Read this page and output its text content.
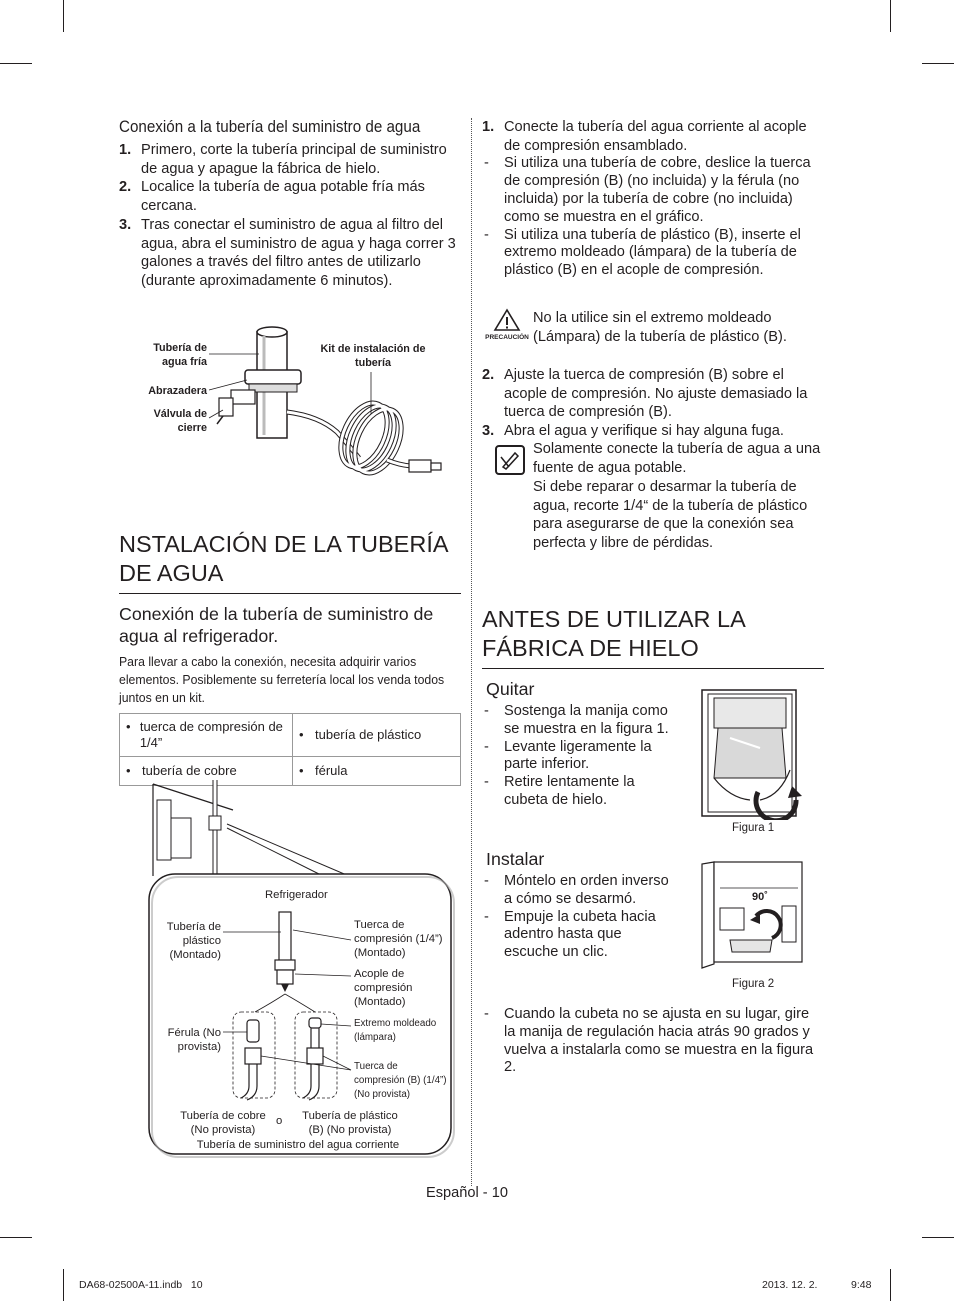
Conexión a la tubería del suministro de agua
1. Primero, corte la tubería principal de suministro de agua y apague la fábrica de hielo.
2. Localice la tubería de agua potable fría más cercana.
3. Tras conectar el suministro de agua al filtro del agua, abra el suministro de agua y haga correr 3 galones a través del filtro antes de utilizarlo (durante aproximadamente 6 minutos).
Tubería de agua fría
Abrazadera
Válvula de cierre
Kit de instalación de tubería
NSTALACIÓN DE LA TUBERÍA DE AGUA
Conexión de la tubería de suministro de agua al refrigerador.
Para llevar a cabo la conexión, necesita adquirir varios elementos. Posiblemente su ferretería local los venda todos juntos en un kit.
• tuerca de compresión de 1/4”	• tubería de plástico

• tubería de cobre	• férula
Refrigerador
Tubería de plástico (Montado)
Tuerca de compresión (1/4”) (Montado)
Acople de compresión (Montado)
Férula (No provista)
Extremo moldeado (lámpara)
Tuerca de compresión (B) (1/4”) (No provista)
Tubería de cobre (No provista)
o	Tubería de plástico (B) (No provista)
Tubería de suministro del agua corriente
1. Conecte la tubería del agua corriente al acople de compresión ensamblado.
- Si utiliza una tubería de cobre, deslice la tuerca de compresión (B) (no incluida) y la férula (no incluida) por la tubería de cobre (no incluida) como se muestra en el gráfico.
- Si utiliza una tubería de plástico (B), inserte el extremo moldeado (lámpara) de la tubería de plástico (B) en el acople de compresión.
PRECAUCIÓN
No la utilice sin el extremo moldeado (Lámpara) de la tubería de plástico (B).
2. Ajuste la tuerca de compresión (B) sobre el acople de compresión. No ajuste demasiado la tuerca de compresión (B).
3. Abra el agua y verifique si hay alguna fuga.
Solamente conecte la tubería de agua a una fuente de agua potable.
Si debe reparar o desarmar la tubería de agua, recorte 1/4“ de la tubería de plástico para asegurarse de que la conexión sea perfecta y libre de pérdidas.
ANTES DE UTILIZAR LA FÁBRICA DE HIELO
Quitar
- Sostenga la manija como se muestra en la figura 1.
- Levante ligeramente la parte inferior.
- Retire lentamente la cubeta de hielo.
Figura 1
Instalar
- Móntelo en orden inverso a cómo se desarmó.
- Empuje la cubeta hacia adentro hasta que escuche un clic.
90˚
Figura 2
- Cuando la cubeta no se ajusta en su lugar, gire la manija de regulación hacia atrás 90 grados y vuelva a instalarla como se muestra en la figura 2.
Español - 10
DA68-02500A-11.indb   10	2013. 12. 2.	9:48
